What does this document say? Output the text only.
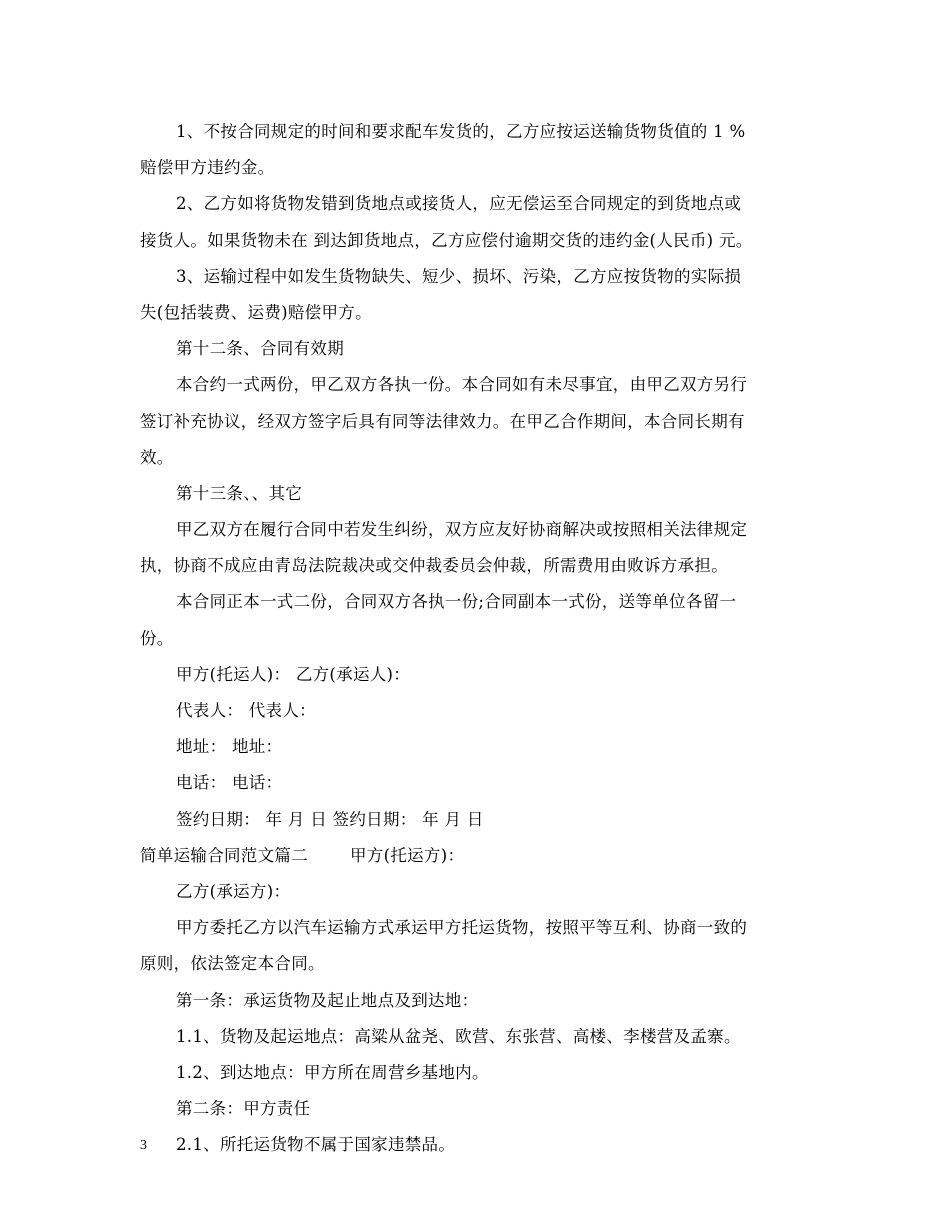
1、不按合同规定的时间和要求配车发货的，乙方应按运送输货物货值的 1 %
赔偿甲方违约金。
2、乙方如将货物发错到货地点或接货人，应无偿运至合同规定的到货地点或
接货人。如果货物未在 到达卸货地点，乙方应偿付逾期交货的违约金(人民币) 元。
3、运输过程中如发生货物缺失、短少、损坏、污染，乙方应按货物的实际损
失(包括装费、运费)赔偿甲方。
第十二条、合同有效期
本合约一式两份，甲乙双方各执一份。本合同如有未尽事宜，由甲乙双方另行
签订补充协议，经双方签字后具有同等法律效力。在甲乙合作期间，本合同长期有
效。
第十三条、、其它
甲乙双方在履行合同中若发生纠纷，双方应友好协商解决或按照相关法律规定
执，协商不成应由青岛法院裁决或交仲裁委员会仲裁，所需费用由败诉方承担。
本合同正本一式二份，合同双方各执一份;合同副本一式份，送等单位各留一
份。
甲方(托运人)： 乙方(承运人)：
代表人： 代表人：
地址： 地址：
电话： 电话：
签约日期： 年 月 日 签约日期： 年 月 日
简单运输合同范文篇二	甲方(托运方)：
乙方(承运方)：
甲方委托乙方以汽车运输方式承运甲方托运货物，按照平等互利、协商一致的
原则，依法签定本合同。
第一条：承运货物及起止地点及到达地：
1.1、货物及起运地点：高粱从盆尧、欧营、东张营、高楼、李楼营及孟寨。
1.2、到达地点：甲方所在周营乡基地内。
第二条：甲方责任
2.1、所托运货物不属于国家违禁品。
3
